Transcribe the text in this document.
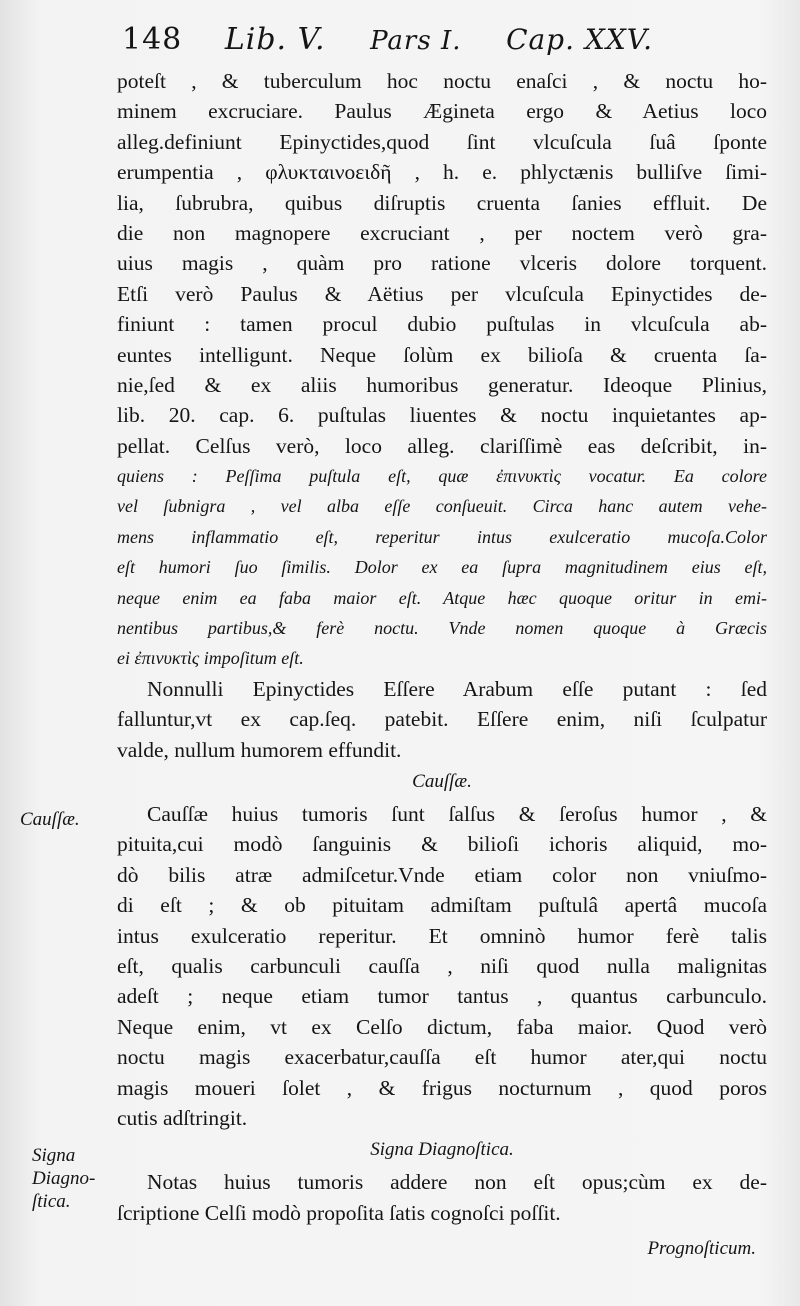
148 Lib. V. Pars I. Cap. XXV.
Cauſſæ.
Signa
Diagno-
ſtica.
poteſt , & tuberculum hoc noctu enaſci , & noctu ho-
minem excruciare. Paulus Ægineta ergo & Aetius loco
alleg.definiunt Epinyctides,quod ſint vlcuſcula ſuâ ſponte
erumpentia , φλυκταινοειδῆ , h. e. phlyctænis bulliſve ſimi-
lia, ſubrubra, quibus diſruptis cruenta ſanies effluit. De
die non magnopere excruciant , per noctem verò gra-
uius magis , quàm pro ratione vlceris dolore torquent.
Etſi verò Paulus & Aëtius per vlcuſcula Epinyctides de-
finiunt : tamen procul dubio puſtulas in vlcuſcula ab-
euntes intelligunt. Neque ſolùm ex bilioſa & cruenta ſa-
nie,ſed & ex aliis humoribus generatur. Ideoque Plinius,
lib. 20. cap. 6. puſtulas liuentes & noctu inquietantes ap-
pellat. Celſus verò, loco alleg. clariſſimè eas deſcribit, in-
quiens : Peſſima puſtula eſt, quæ ἐπινυκτὶς vocatur. Ea colore
vel ſubnigra , vel alba eſſe conſueuit. Circa hanc autem vehe-
mens inflammatio eſt, reperitur intus exulceratio mucoſa.Color
eſt humori ſuo ſimilis. Dolor ex ea ſupra magnitudinem eius eſt,
neque enim ea faba maior eſt. Atque hæc quoque oritur in emi-
nentibus partibus,& ferè noctu. Vnde nomen quoque à Græcis
ei ἐπινυκτὶς impoſitum eſt.
Nonnulli Epinyctides Eſſere Arabum eſſe putant : ſed
falluntur,vt ex cap.ſeq. patebit. Eſſere enim, niſi ſculpatur
valde, nullum humorem effundit.
Cauſſæ.
Cauſſæ huius tumoris ſunt ſalſus & ſeroſus humor , &
pituita,cui modò ſanguinis & bilioſi ichoris aliquid, mo-
dò bilis atræ admiſcetur.Vnde etiam color non vniuſmo-
di eſt ; & ob pituitam admiſtam puſtulâ apertâ mucoſa
intus exulceratio reperitur. Et omninò humor ferè talis
eſt, qualis carbunculi cauſſa , niſi quod nulla malignitas
adeſt ; neque etiam tumor tantus , quantus carbunculo.
Neque enim, vt ex Celſo dictum, faba maior. Quod verò
noctu magis exacerbatur,cauſſa eſt humor ater,qui noctu
magis moueri ſolet , & frigus nocturnum , quod poros
cutis adſtringit.
Signa Diagnoſtica.
Notas huius tumoris addere non eſt opus;cùm ex de-
ſcriptione Celſi modò propoſita ſatis cognoſci poſſit.
Prognoſticum.
